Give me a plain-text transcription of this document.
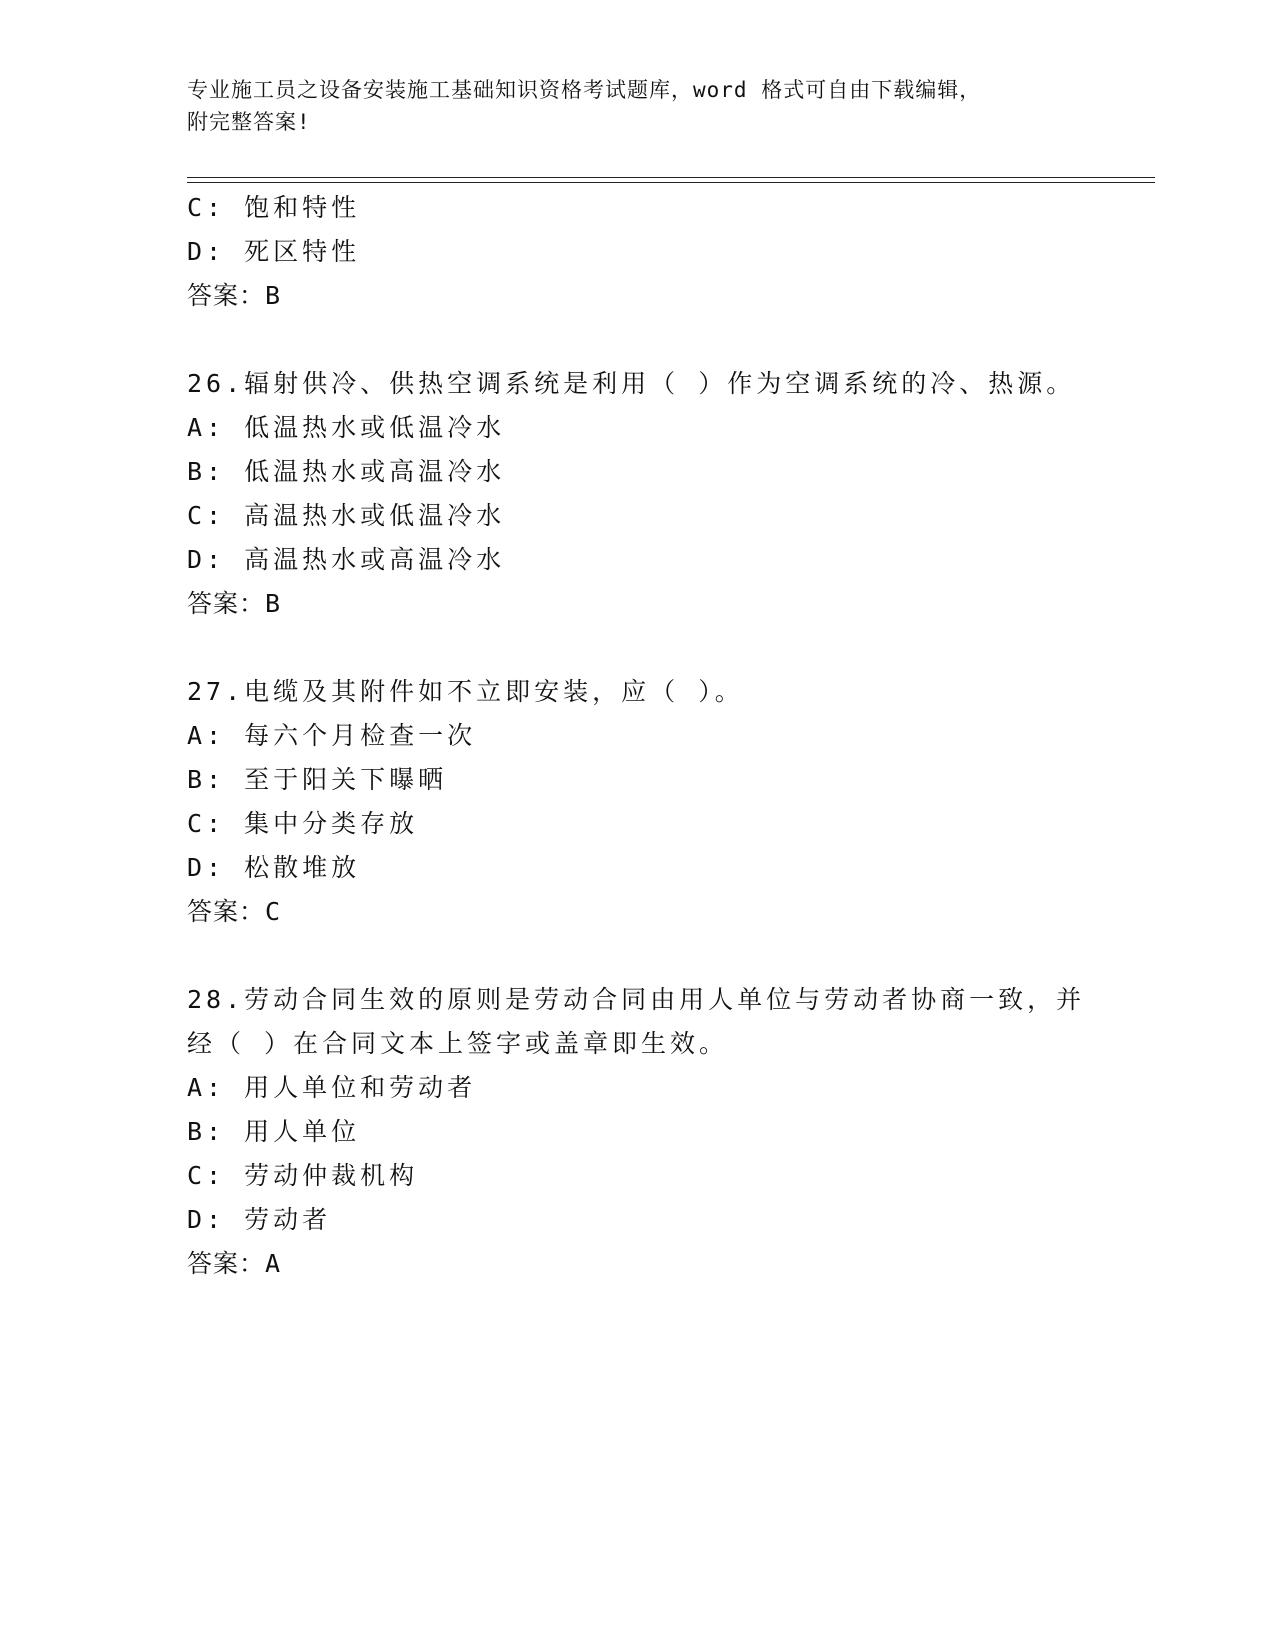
专业施工员之设备安装施工基础知识资格考试题库，word 格式可自由下载编辑，
附完整答案!
C: 饱和特性
D: 死区特性
答案：B
26.辐射供冷、供热空调系统是利用（ ）作为空调系统的冷、热源。
A: 低温热水或低温冷水
B: 低温热水或高温冷水
C: 高温热水或低温冷水
D: 高温热水或高温冷水
答案：B
27.电缆及其附件如不立即安装，应（ ）。
A: 每六个月检查一次
B: 至于阳关下曝晒
C: 集中分类存放
D: 松散堆放
答案：C
28.劳动合同生效的原则是劳动合同由用人单位与劳动者协商一致，并
经（ ）在合同文本上签字或盖章即生效。
A: 用人单位和劳动者
B: 用人单位
C: 劳动仲裁机构
D: 劳动者
答案：A
